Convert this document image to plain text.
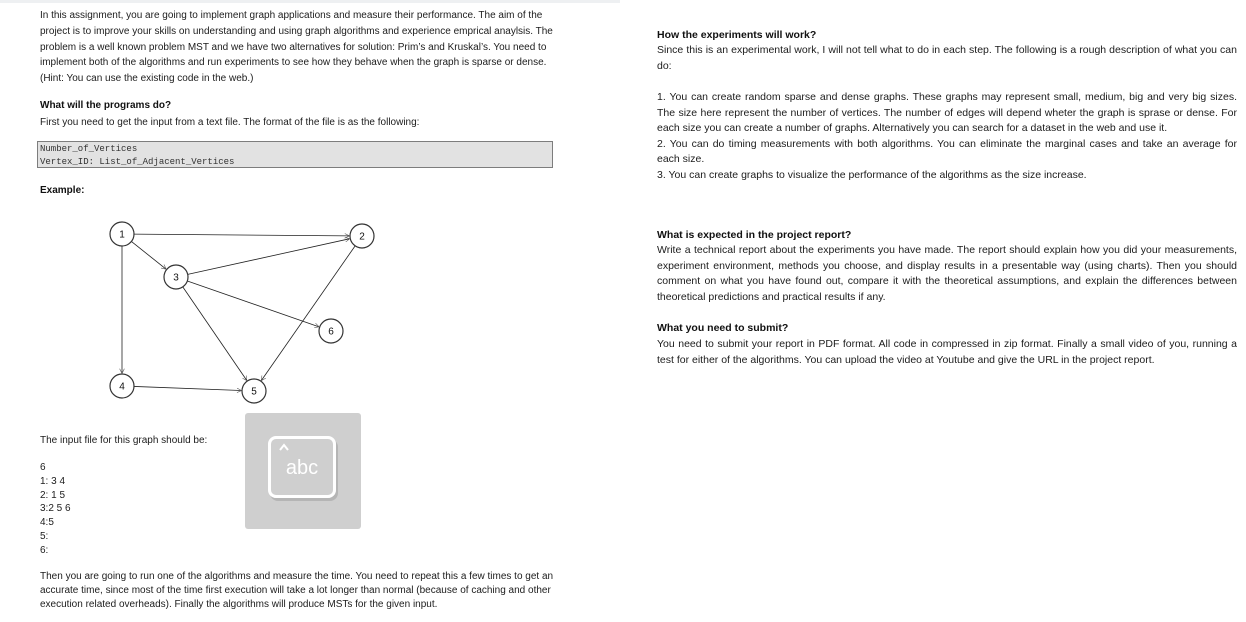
In this assignment, you are going to implement graph applications and measure their performance. The aim of the project is to improve your skills on understanding and using graph algorithms and experience emprical anaylsis. The problem is a well known problem MST and we have two alternatives for solution: Prim’s and Kruskal’s. You need to implement both of the algorithms and run experiments to see how they behave when the graph is sparse or dense. (Hint: You can use the existing code in the web.)

What will the programs do?

First you need to get the input from a text file. The format of the file is as the following:

Number_of_Vertices
Vertex_ID: List_of_Adjacent_Vertices

Example:

1	2
3
4	5
6

The input file for this graph should be:

6
1: 3 4
2: 1 5
3:2 5 6
4:5
5:
6:
abc

Then you are going to run one of the algorithms and measure the time. You need to repeat this a few times to get an accurate time, since most of the time first execution will take a lot longer than normal (because of caching and other execution related overheads). Finally the algorithms will produce MSTs for the given input.

How the experiments will work?

Since this is an experimental work, I will not tell what to do in each step. The following is a rough description of what you can do:

1. You can create random sparse and dense graphs. These graphs may represent small, medium, big and very big sizes. The size here represent the number of vertices. The number of edges will depend wheter the graph is sprase or dense. For each size you can create a number of graphs. Alternatively you can search for a dataset in the web and use it.
2. You can do timing measurements with both algorithms. You can eliminate the marginal cases and take an average for each size.
3. You can create graphs to visualize the performance of the algorithms as the size increase.

What is expected in the project report?

Write a technical report about the experiments you have made. The report should explain how you did your measurements, experiment environment, methods you choose, and display results in a presentable way (using charts). Then you should comment on what you have found out, compare it with the theoretical assumptions, and explain the differences between theoretical predictions and practical results if any.

What you need to submit?

You need to submit your report in PDF format. All code in compressed in zip format. Finally a small video of you, running a test for either of the algorithms. You can upload the video at Youtube and give the URL in the project report.
